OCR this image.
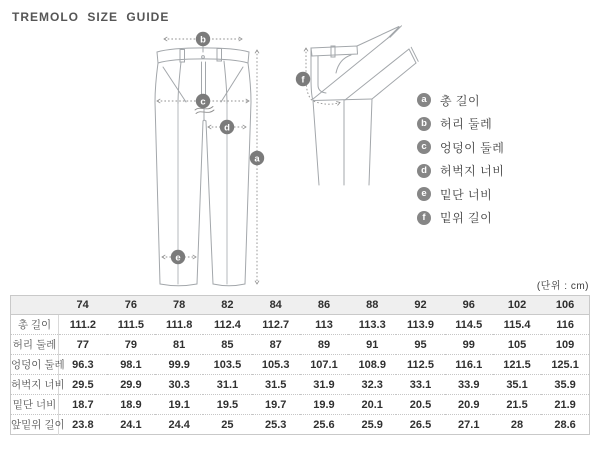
TREMOLO SIZE GUIDE
b
c
d
e
a
f
a	총 길이
b	허리 둘레
c	엉덩이 둘레
d	허벅지 너비
e	밑단 너비
f	밑위 길이
(단위 : cm)
	74	76	78	82	84	86	88	92	96	102	106
총 길이	111.2	111.5	111.8	112.4	112.7	113	113.3	113.9	114.5	115.4	116
허리 둘레	77	79	81	85	87	89	91	95	99	105	109
엉덩이 둘레	96.3	98.1	99.9	103.5	105.3	107.1	108.9	112.5	116.1	121.5	125.1
허벅지 너비	29.5	29.9	30.3	31.1	31.5	31.9	32.3	33.1	33.9	35.1	35.9
밑단 너비	18.7	18.9	19.1	19.5	19.7	19.9	20.1	20.5	20.9	21.5	21.9
앞밑위 길이	23.8	24.1	24.4	25	25.3	25.6	25.9	26.5	27.1	28	28.6
